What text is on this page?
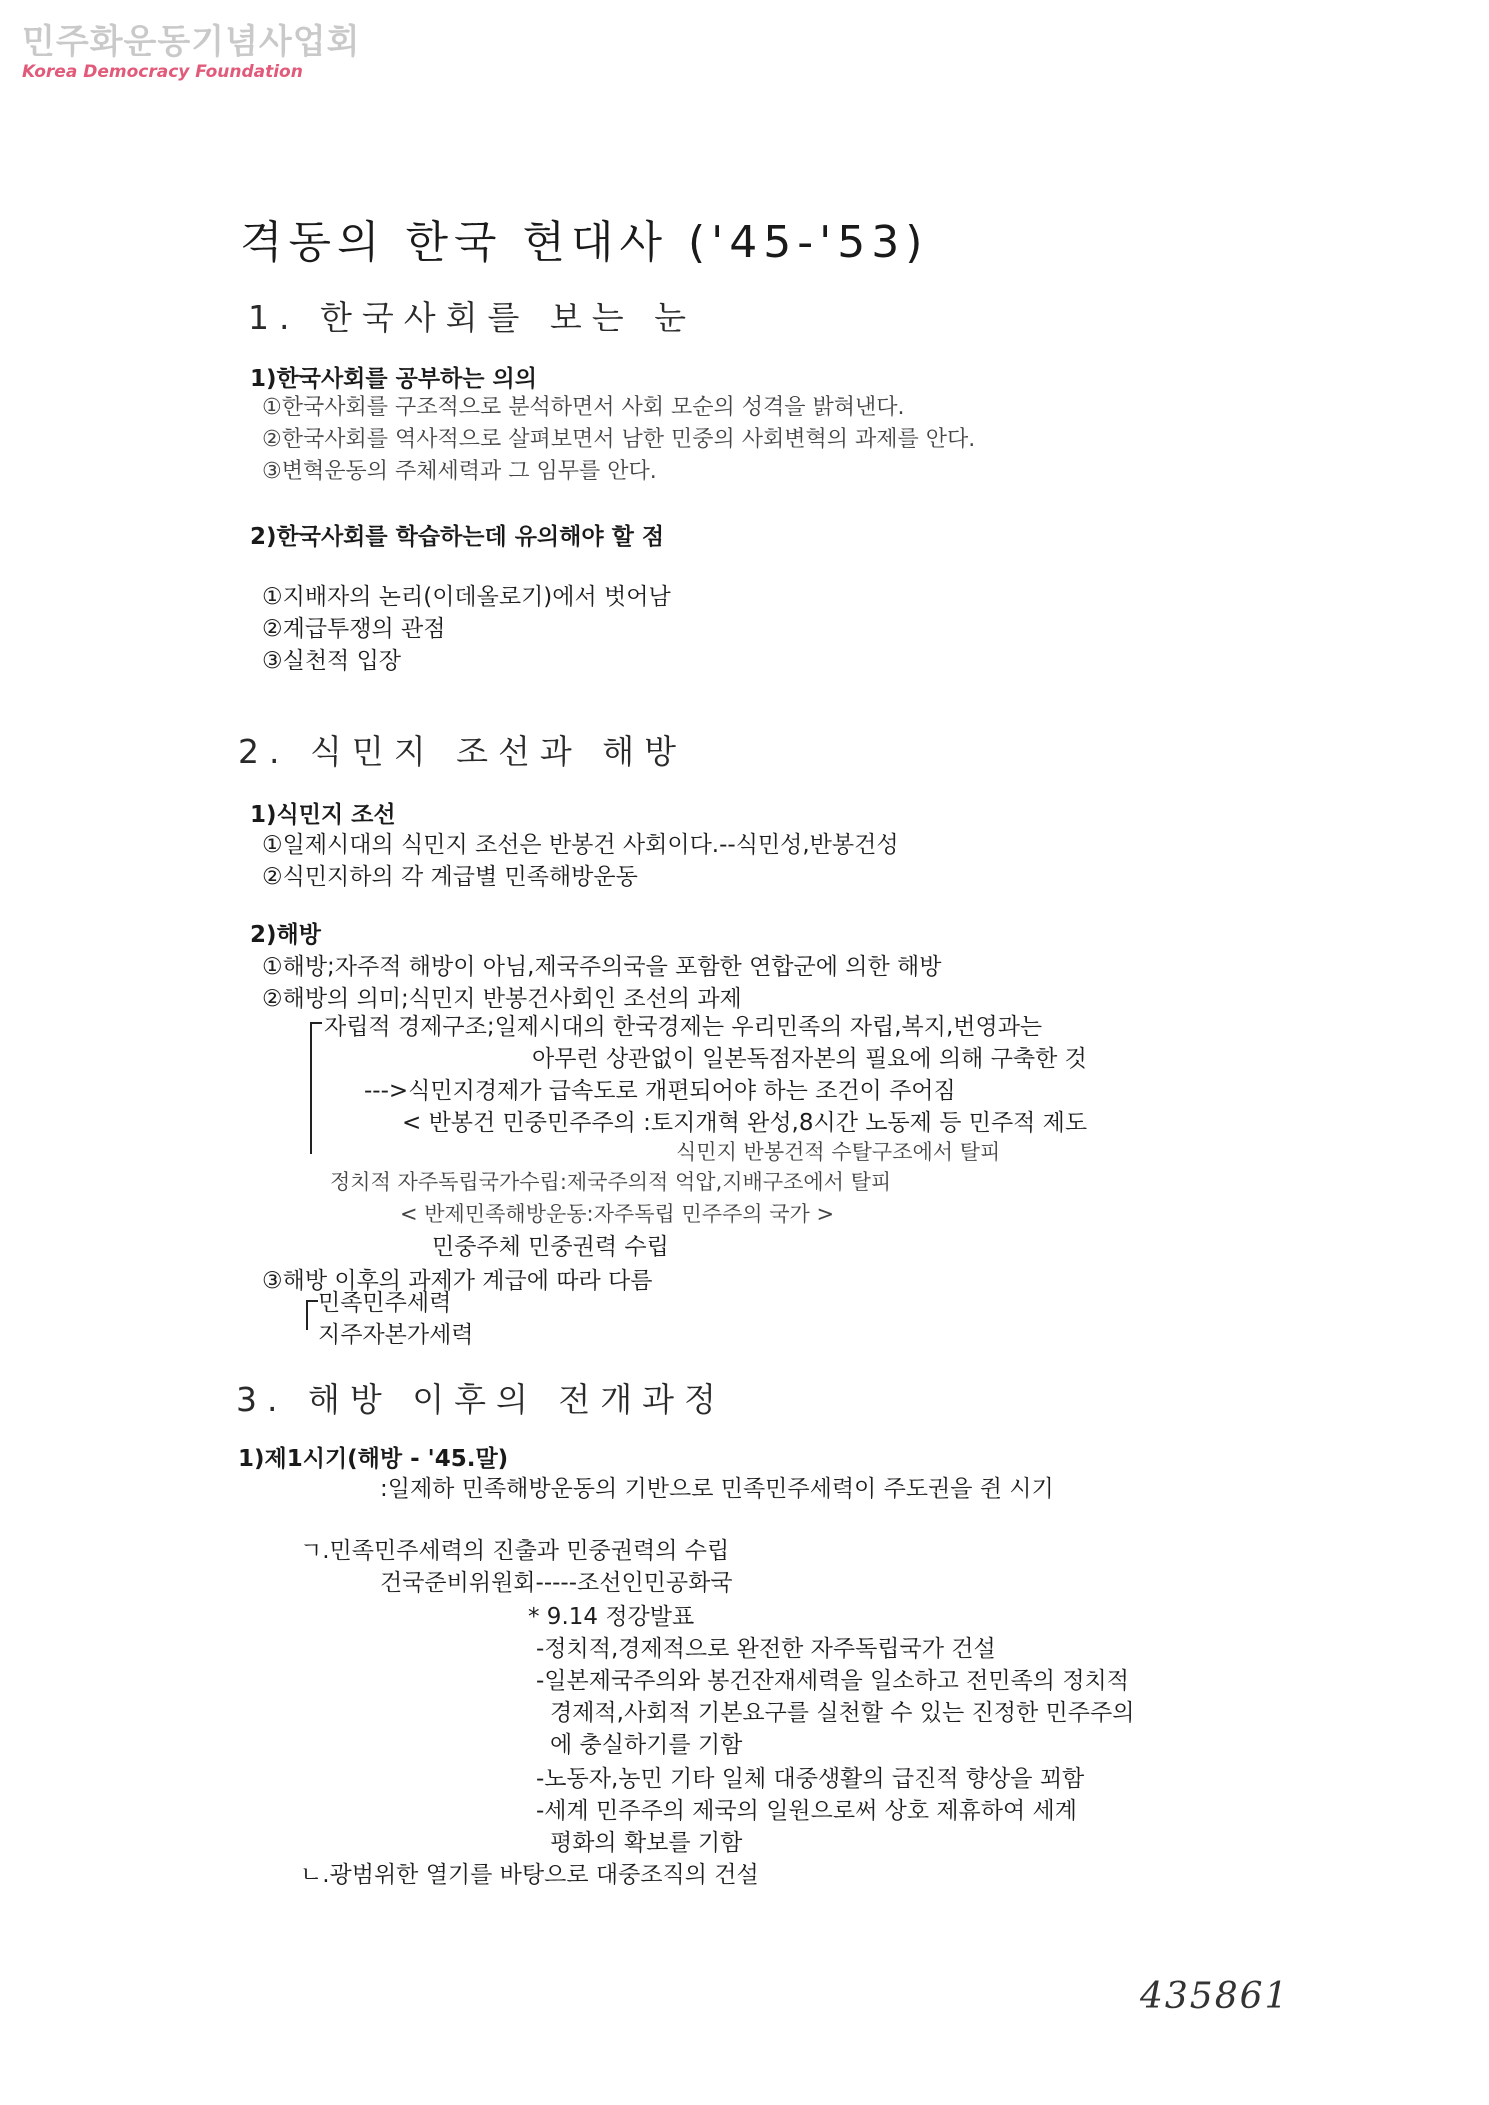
민주화운동기념사업회
Korea Democracy Foundation
격동의 한국 현대사 ('45-'53)
1. 한국사회를 보는 눈
1)한국사회를 공부하는 의의
①한국사회를 구조적으로 분석하면서 사회 모순의 성격을 밝혀낸다.
②한국사회를 역사적으로 살펴보면서 남한 민중의 사회변혁의 과제를 안다.
③변혁운동의 주체세력과 그 임무를 안다.
2)한국사회를 학습하는데 유의해야 할 점
①지배자의 논리(이데올로기)에서 벗어남
②계급투쟁의 관점
③실천적 입장
2. 식민지 조선과 해방
1)식민지 조선
①일제시대의 식민지 조선은 반봉건 사회이다.--식민성,반봉건성
②식민지하의 각 계급별 민족해방운동
2)해방
①해방;자주적 해방이 아님,제국주의국을 포함한 연합군에 의한 해방
②해방의 의미;식민지 반봉건사회인 조선의 과제
자립적 경제구조;일제시대의 한국경제는 우리민족의 자립,복지,번영과는
아무런 상관없이 일본독점자본의 필요에 의해 구축한 것
--->식민지경제가 급속도로 개편되어야 하는 조건이 주어짐
< 반봉건 민중민주주의 :토지개혁 완성,8시간 노동제 등 민주적 제도
식민지 반봉건적 수탈구조에서 탈피
정치적 자주독립국가수립:제국주의적 억압,지배구조에서 탈피
< 반제민족해방운동:자주독립 민주주의 국가 >
민중주체 민중권력 수립
③해방 이후의 과제가 계급에 따라 다름
민족민주세력
지주자본가세력
3. 해방 이후의 전개과정
1)제1시기(해방 - '45.말)
:일제하 민족해방운동의 기반으로 민족민주세력이 주도권을 쥔 시기
ㄱ.민족민주세력의 진출과 민중권력의 수립
건국준비위원회-----조선인민공화국
* 9.14 정강발표
-정치적,경제적으로 완전한 자주독립국가 건설
-일본제국주의와 봉건잔재세력을 일소하고 전민족의 정치적
경제적,사회적 기본요구를 실천할 수 있는 진정한 민주주의
에 충실하기를 기함
-노동자,농민 기타 일체 대중생활의 급진적 향상을 꾀함
-세계 민주주의 제국의 일원으로써 상호 제휴하여 세계
평화의 확보를 기함
ㄴ.광범위한 열기를 바탕으로 대중조직의 건설
435861
